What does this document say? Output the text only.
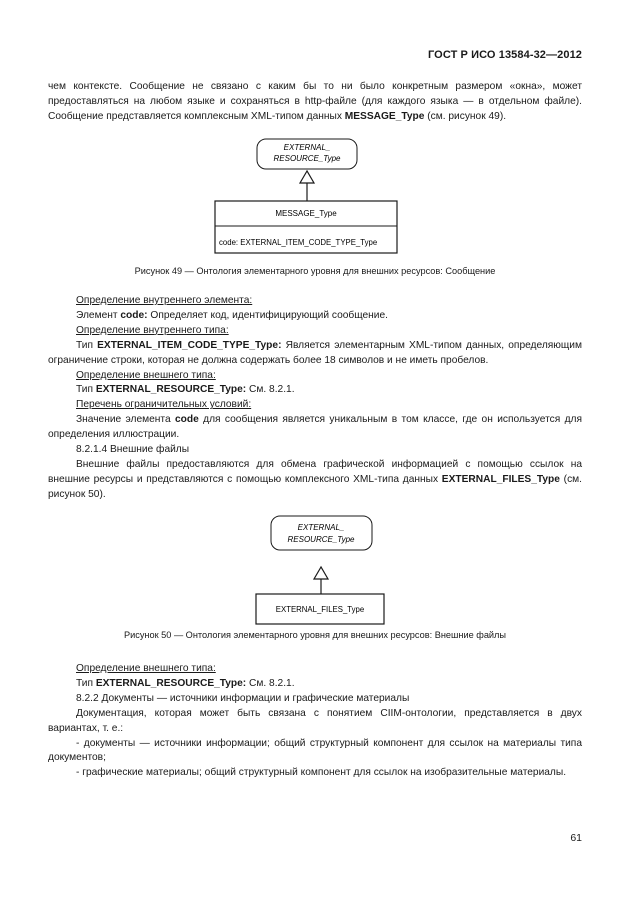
ГОСТ Р ИСО 13584-32—2012

чем контексте. Сообщение не связано с каким бы то ни было конкретным размером «окна», может предоставляться на любом языке и сохраняться в http-файле (для каждого языка — в отдельном файле). Сообщение представляется комплексным XML-типом данных MESSAGE_Type (см. рисунок 49).

EXTERNAL_
RESOURCE_Type
MESSAGE_Type
code: EXTERNAL_ITEM_CODE_TYPE_Type
Рисунок 49 — Онтология элементарного уровня для внешних ресурсов: Сообщение

Определение внутреннего элемента:

Элемент code: Определяет код, идентифицирующий сообщение.

Определение внутреннего типа:

Тип EXTERNAL_ITEM_CODE_TYPE_Type: Является элементарным XML-типом данных, определяющим ограничение строки, которая не должна содержать более 18 символов и не иметь пробелов.

Определение внешнего типа:

Тип EXTERNAL_RESOURCE_Type: См. 8.2.1.

Перечень ограничительных условий:

Значение элемента code для сообщения является уникальным в том классе, где он используется для определения иллюстрации.

8.2.1.4 Внешние файлы

Внешние файлы предоставляются для обмена графической информацией с помощью ссылок на внешние ресурсы и представляются с помощью комплексного XML-типа данных EXTERNAL_FILES_Type (см. рисунок 50).

EXTERNAL_
RESOURCE_Type
EXTERNAL_FILES_Type
Рисунок 50 — Онтология элементарного уровня для внешних ресурсов: Внешние файлы

Определение внешнего типа:

Тип EXTERNAL_RESOURCE_Type: См. 8.2.1.

8.2.2 Документы — источники информации и графические материалы

Документация, которая может быть связана с понятием CIIM-онтологии, представляется в двух вариантах, т. е.:

- документы — источники информации; общий структурный компонент для ссылок на материалы типа документов;

- графические материалы; общий структурный компонент для ссылок на изобразительные материалы.

61
